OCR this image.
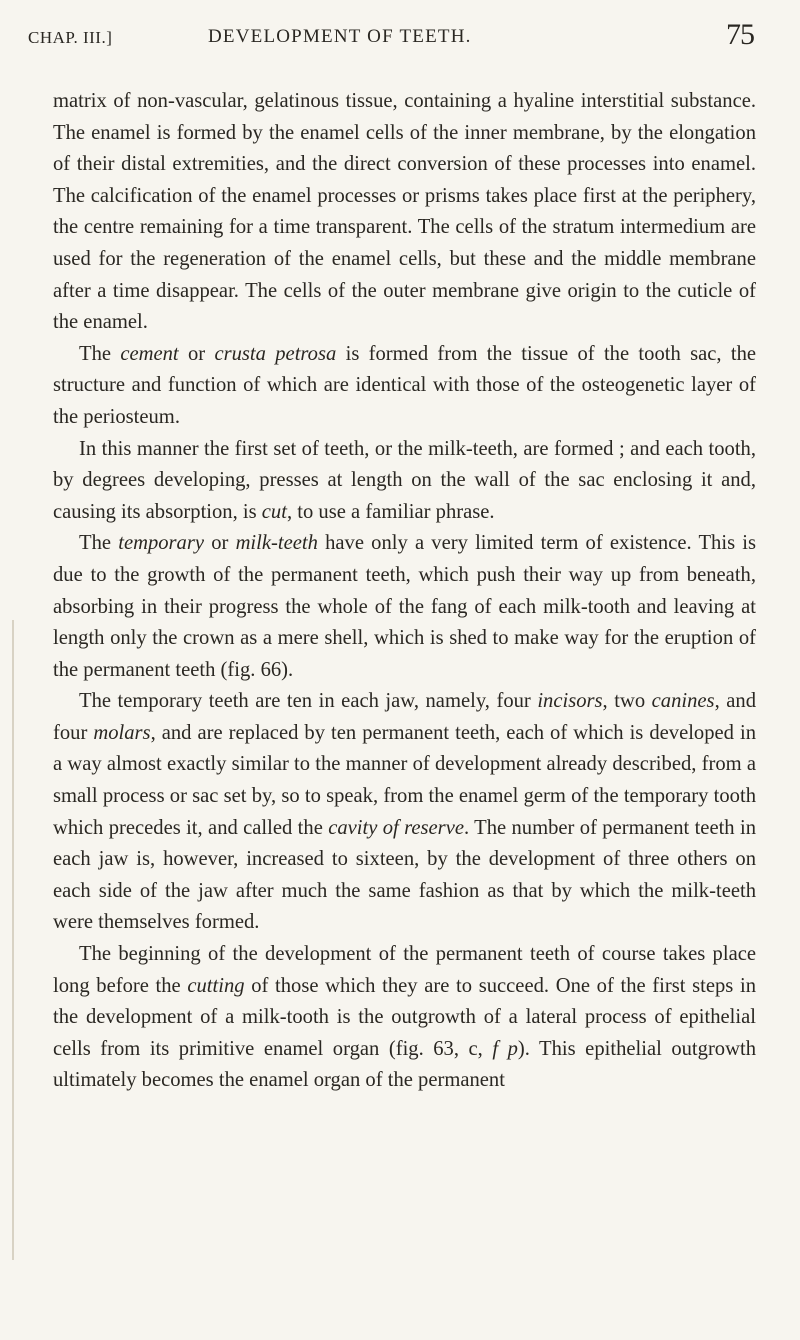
CHAP. III.]	DEVELOPMENT OF TEETH.	75

matrix of non-vascular, gelatinous tissue, containing a hyaline interstitial substance. The enamel is formed by the enamel cells of the inner membrane, by the elongation of their distal extremities, and the direct conversion of these processes into enamel. The calcification of the enamel processes or prisms takes place first at the periphery, the centre remaining for a time transparent. The cells of the stratum intermedium are used for the regeneration of the enamel cells, but these and the middle membrane after a time disappear. The cells of the outer membrane give origin to the cuticle of the enamel.

The cement or crusta petrosa is formed from the tissue of the tooth sac, the structure and function of which are identical with those of the osteogenetic layer of the periosteum.

In this manner the first set of teeth, or the milk-teeth, are formed ; and each tooth, by degrees developing, presses at length on the wall of the sac enclosing it and, causing its absorption, is cut, to use a familiar phrase.

The temporary or milk-teeth have only a very limited term of existence. This is due to the growth of the permanent teeth, which push their way up from beneath, absorbing in their progress the whole of the fang of each milk-tooth and leaving at length only the crown as a mere shell, which is shed to make way for the eruption of the permanent teeth (fig. 66).

The temporary teeth are ten in each jaw, namely, four incisors, two canines, and four molars, and are replaced by ten permanent teeth, each of which is developed in a way almost exactly similar to the manner of development already described, from a small process or sac set by, so to speak, from the enamel germ of the temporary tooth which precedes it, and called the cavity of reserve. The number of permanent teeth in each jaw is, however, increased to sixteen, by the development of three others on each side of the jaw after much the same fashion as that by which the milk-teeth were themselves formed.

The beginning of the development of the permanent teeth of course takes place long before the cutting of those which they are to succeed. One of the first steps in the development of a milk-tooth is the outgrowth of a lateral process of epithelial cells from its primitive enamel organ (fig. 63, c, f p). This epithelial outgrowth ultimately becomes the enamel organ of the permanent
